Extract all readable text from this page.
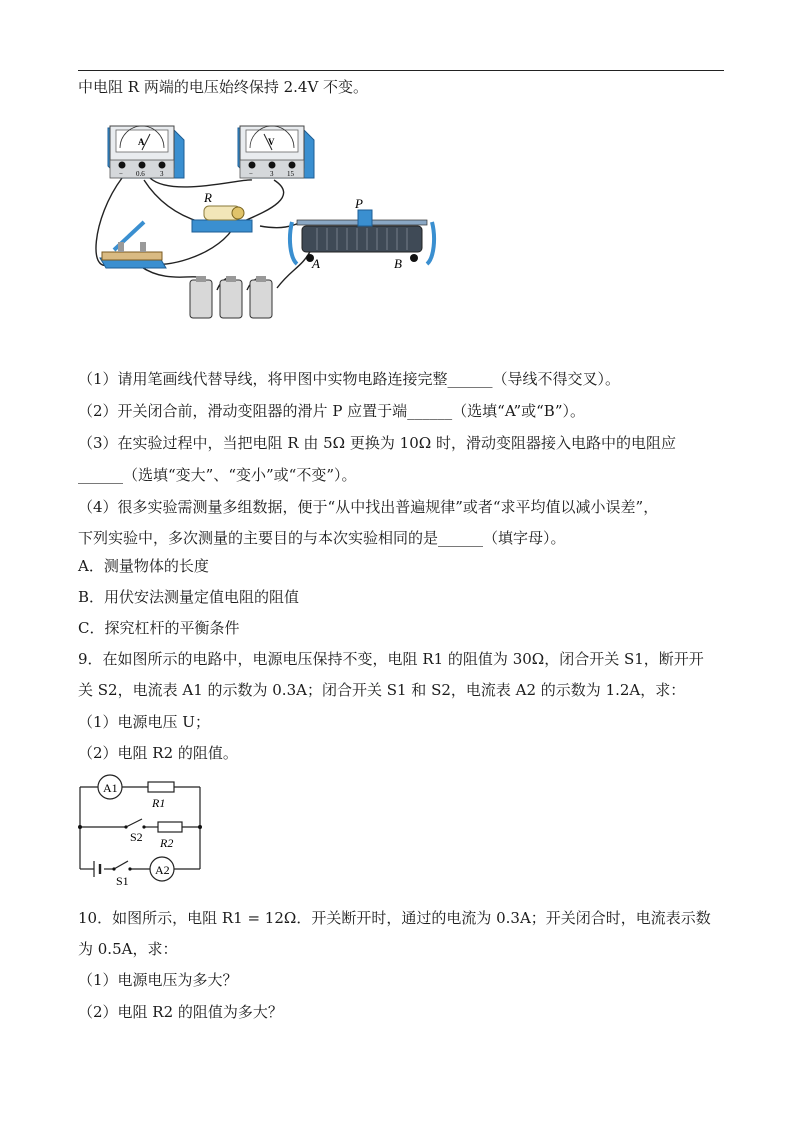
中电阻 R 两端的电压始终保持 2.4V 不变。
A
− 0.6 3
V
− 3 15
R	P
A	B
（1）请用笔画线代替导线，将甲图中实物电路连接完整______（导线不得交叉）。
（2）开关闭合前，滑动变阻器的滑片 P 应置于端______（选填“A”或“B”）。
（3）在实验过程中，当把电阻 R 由 5Ω 更换为 10Ω 时，滑动变阻器接入电路中的电阻应
______（选填“变大”、“变小”或“不变”）。
（4）很多实验需测量多组数据，便于“从中找出普遍规律”或者“求平均值以减小误差”，
下列实验中，多次测量的主要目的与本次实验相同的是______（填字母）。
A．测量物体的长度
B．用伏安法测量定值电阻的阻值
C．探究杠杆的平衡条件
9．在如图所示的电路中，电源电压保持不变，电阻 R1 的阻值为 30Ω，闭合开关 S1，断开开
关 S2，电流表 A1 的示数为 0.3A；闭合开关 S1 和 S2，电流表 A2 的示数为 1.2A，求：
（1）电源电压 U；
（2）电阻 R2 的阻值。
A1
R1
S2 R2
S1
A2
10．如图所示，电阻 R1 = 12Ω．开关断开时，通过的电流为 0.3A；开关闭合时，电流表示数
为 0.5A，求：
（1）电源电压为多大？
（2）电阻 R2 的阻值为多大？
